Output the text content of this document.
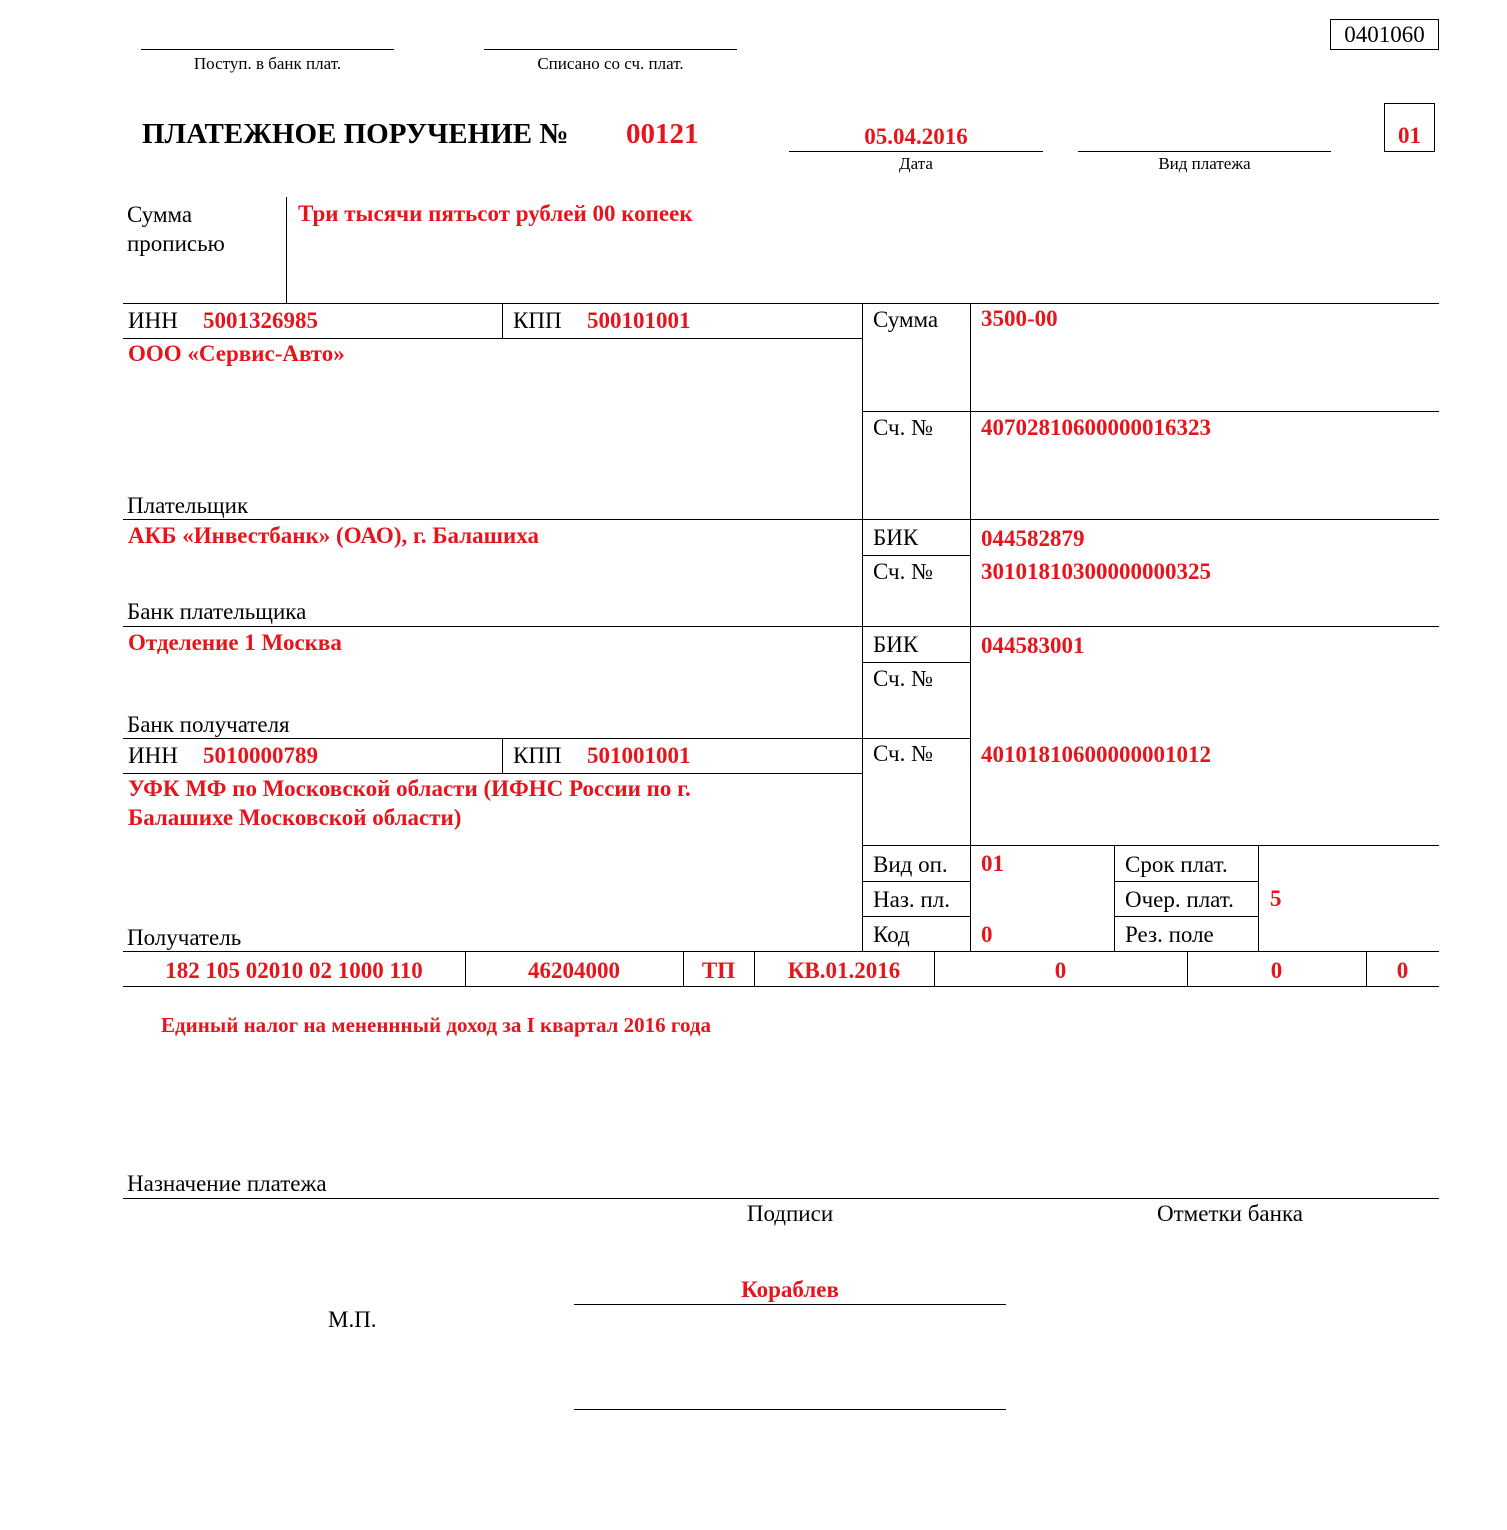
0401060
Поступ. в банк плат.	Списано со сч. плат.
ПЛАТЕЖНОЕ ПОРУЧЕНИЕ № 00121	05.04.2016
Дата	Вид платежа
01
Сумма
прописью
Три тысячи пятьсот рублей 00 копеек
ИНН 5001326985	КПП 500101001
ООО «Сервис-Авто»
Плательщик
Сумма 3500-00
Сч. № 40702810600000016323
АКБ «Инвестбанк» (ОАО), г. Балашиха
Банк плательщика
БИК	044582879
Сч. № 30101810300000000325
Отделение 1 Москва
Банк получателя
БИК	044583001
Сч. №
ИНН 5010000789	КПП 501001001
УФК МФ по Московской области (ИФНС России по г.
Балашихе Московской области)
Получатель
Сч. № 40101810600000001012
Вид оп. 01
Наз. пл.
Код	0
Срок плат.
Очер. плат. 5
Рез. поле
182 105 02010 02 1000 110	46204000	ТП	КВ.01.2016	0	0	0
Единый налог на мененнный доход за I квартал 2016 года
Назначение платежа
Подписи	Отметки банка
Кораблев
М.П.
